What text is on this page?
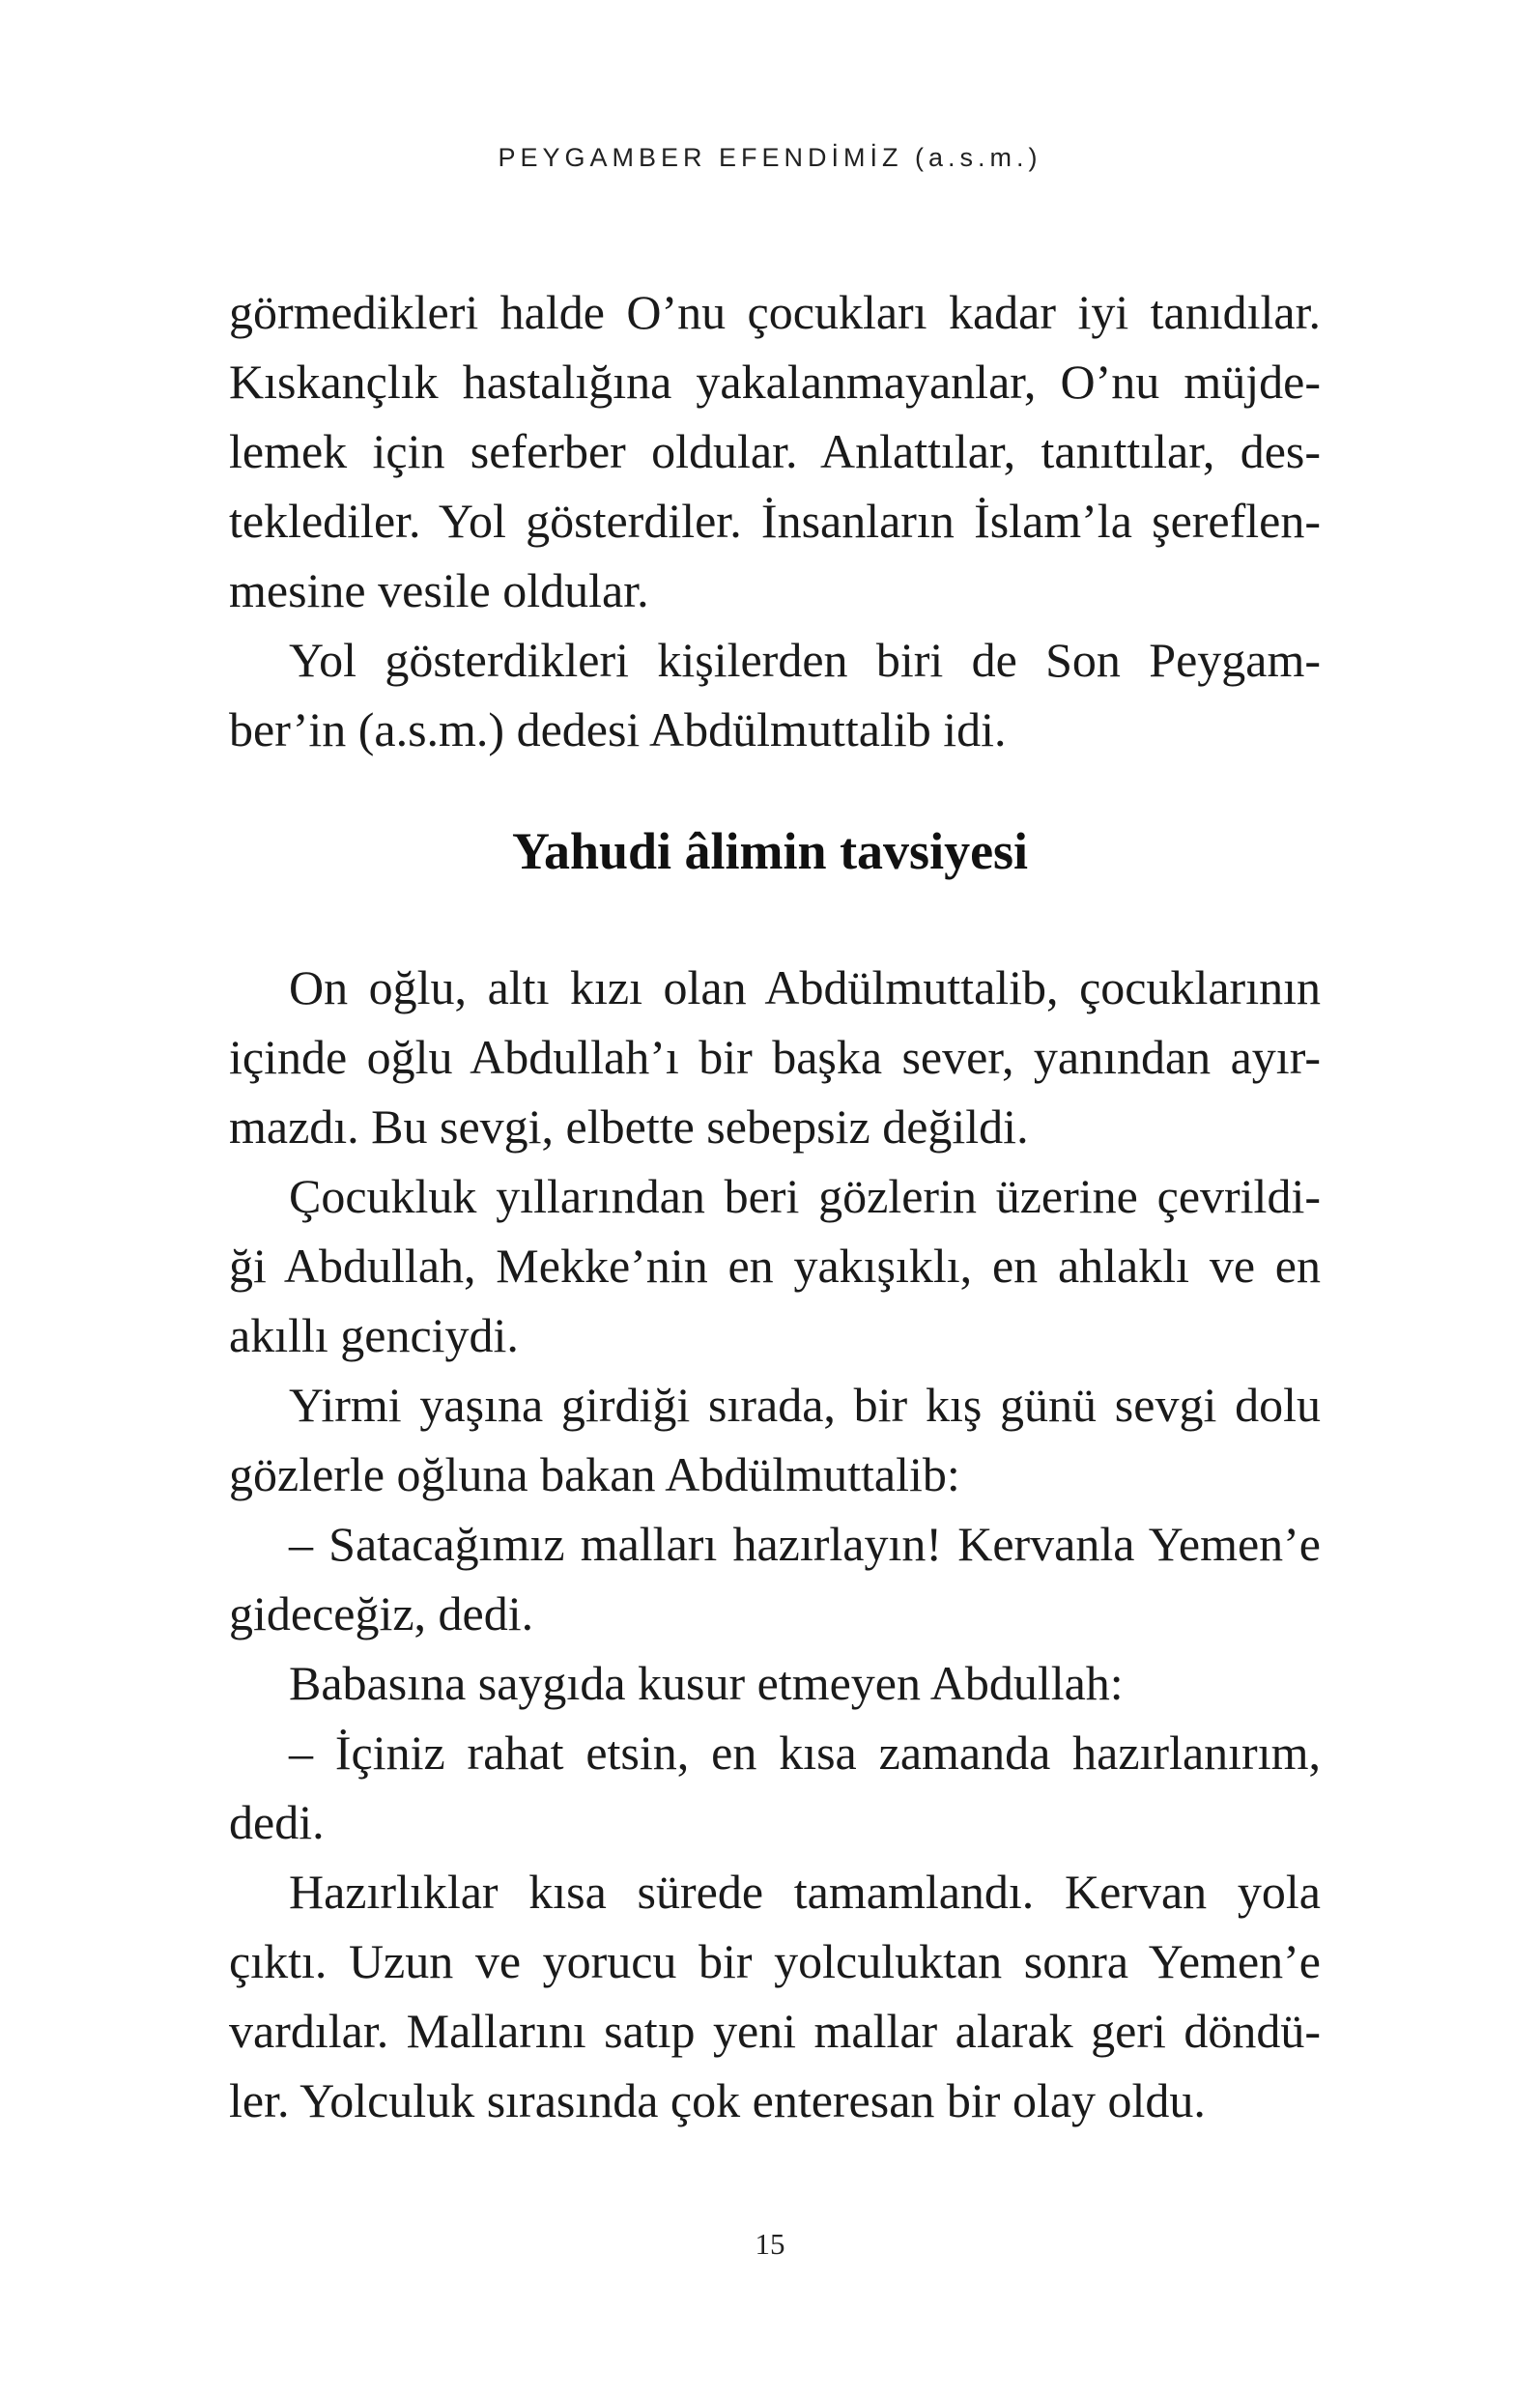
PEYGAMBER EFENDİMİZ (a.s.m.)
görmedikleri halde O’nu çocukları kadar iyi tanıdılar.
Kıskançlık hastalığına yakalanmayanlar, O’nu müjde-
lemek için seferber oldular. Anlattılar, tanıttılar, des-
teklediler. Yol gösterdiler. İnsanların İslam’la şereflen-
mesine vesile oldular.
Yol gösterdikleri kişilerden biri de Son Peygam-
ber’in (a.s.m.) dedesi Abdülmuttalib idi.
Yahudi âlimin tavsiyesi
On oğlu, altı kızı olan Abdülmuttalib, çocuklarının
içinde oğlu Abdullah’ı bir başka sever, yanından ayır-
mazdı. Bu sevgi, elbette sebepsiz değildi.
Çocukluk yıllarından beri gözlerin üzerine çevrildi-
ği Abdullah, Mekke’nin en yakışıklı, en ahlaklı ve en
akıllı genciydi.
Yirmi yaşına girdiği sırada, bir kış günü sevgi dolu
gözlerle oğluna bakan Abdülmuttalib:
– Satacağımız malları hazırlayın! Kervanla Yemen’e
gideceğiz, dedi.
Babasına saygıda kusur etmeyen Abdullah:
– İçiniz rahat etsin, en kısa zamanda hazırlanırım,
dedi.
Hazırlıklar kısa sürede tamamlandı. Kervan yola
çıktı. Uzun ve yorucu bir yolculuktan sonra Yemen’e
vardılar. Mallarını satıp yeni mallar alarak geri döndü-
ler. Yolculuk sırasında çok enteresan bir olay oldu.
15
